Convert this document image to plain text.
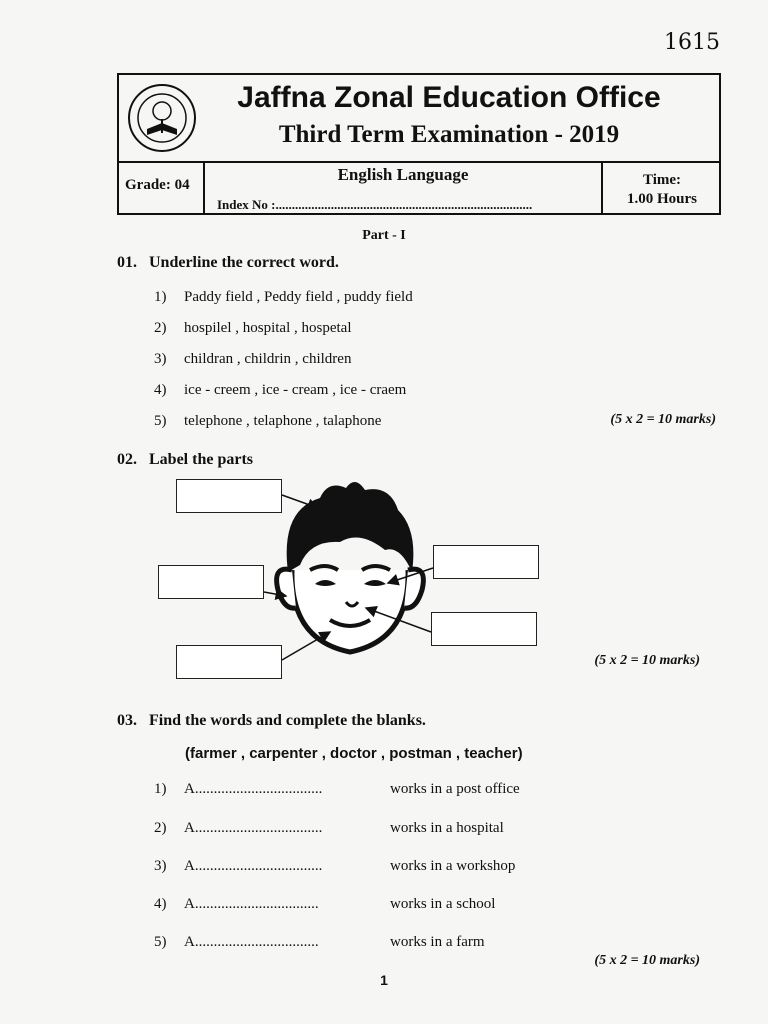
1615
Jaffna Zonal Education Office
Third Term Examination - 2019
Grade: 04
English Language
Index No :...............................................................................
Time:
1.00 Hours
Part - I
01. Underline the correct word.
1) Paddy field , Peddy field , puddy field
2) hospilel , hospital , hospetal
3) childran , childrin , children
4) ice - creem , ice - cream , ice - craem
5) telephone , telaphone , talaphone	(5 x 2 = 10 marks)
02. Label the parts
(5 x 2 = 10 marks)
03. Find the words and complete the blanks.
(farmer , carpenter , doctor , postman , teacher)
1) A..................................	works in a post office
2) A..................................	works in a hospital
3) A..................................	works in a workshop
4) A.................................	works in a school
5) A.................................	works in a farm
(5 x 2 = 10 marks)
1
